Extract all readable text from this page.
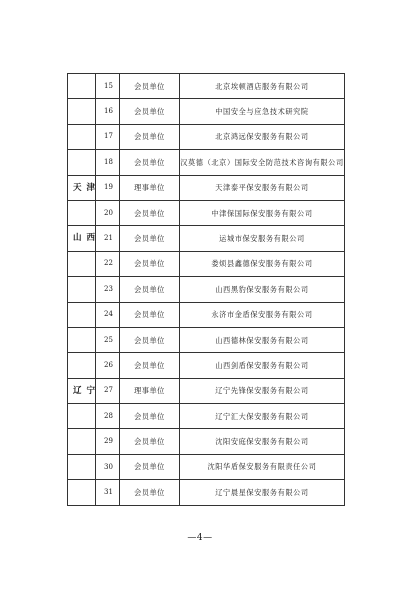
	15	会员单位	北京埃顿酒店服务有限公司
	16	会员单位	中国安全与应急技术研究院
	17	会员单位	北京鸿远保安服务有限公司
	18	会员单位	汉莫德（北京）国际安全防范技术咨询有限公司
天津	19	理事单位	天津泰平保安服务有限公司
	20	会员单位	中津保国际保安服务有限公司
山西	21	会员单位	运城市保安服务有限公司
	22	会员单位	娄烦县鑫德保安服务有限公司
	23	会员单位	山西黑豹保安服务有限公司
	24	会员单位	永济市金盾保安服务有限公司
	25	会员单位	山西德林保安服务有限公司
	26	会员单位	山西剑盾保安服务有限公司
辽宁	27	理事单位	辽宁先锋保安服务有限公司
	28	会员单位	辽宁汇大保安服务有限公司
	29	会员单位	沈阳安庭保安服务有限公司
	30	会员单位	沈阳华盾保安服务有限责任公司
	31	会员单位	辽宁晨星保安服务有限公司
—4—
